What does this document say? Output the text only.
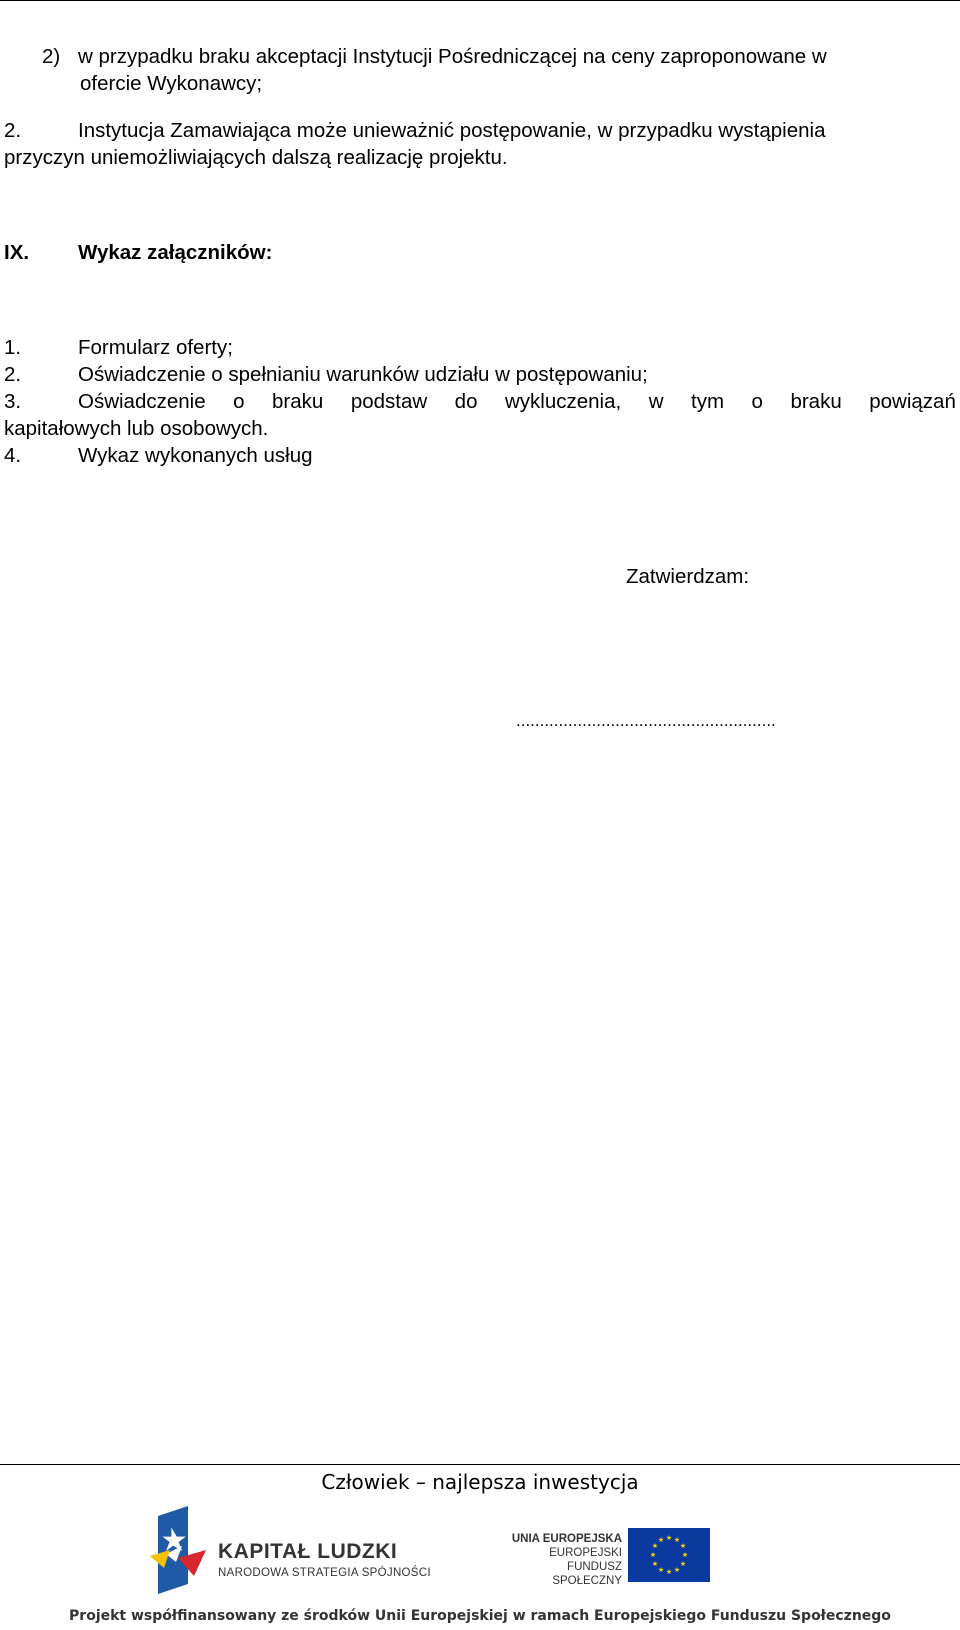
2) w przypadku braku akceptacji Instytucji Pośredniczącej na ceny zaproponowane w
ofercie Wykonawcy;
2.	Instytucja Zamawiająca może unieważnić postępowanie, w przypadku wystąpienia
przyczyn uniemożliwiających dalszą realizację projektu.
IX. Wykaz załączników:
1.	Formularz oferty;
2.	Oświadczenie o spełnianiu warunków udziału w postępowaniu;
3.	Oświadczenie o braku podstaw do wykluczenia, w tym o braku powiązań
kapitałowych lub osobowych.
4.	Wykaz wykonanych usług
Zatwierdzam:
.......................................................
Człowiek – najlepsza inwestycja
KAPITAŁ LUDZKI
NARODOWA STRATEGIA SPÓJNOŚCI
UNIA EUROPEJSKA
EUROPEJSKI
FUNDUSZ SPOŁECZNY
★ ★
★
★
★
★
★
★
★
★
★
★
Projekt współfinansowany ze środków Unii Europejskiej w ramach Europejskiego Funduszu Społecznego
